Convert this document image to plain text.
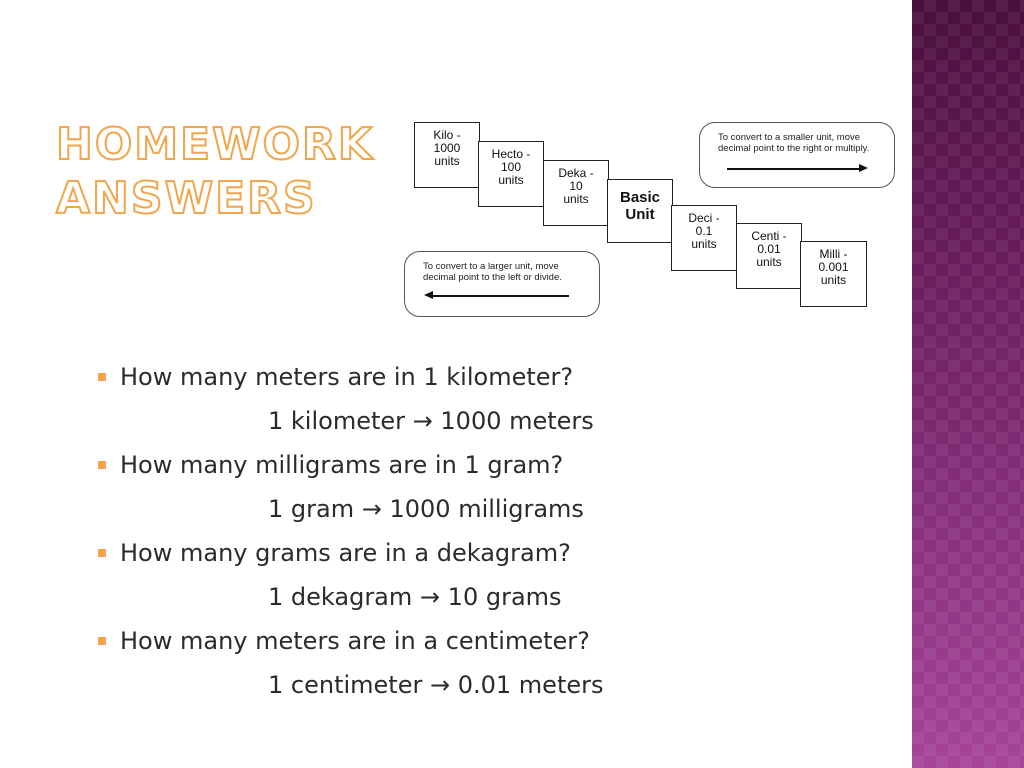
HOMEWORK
ANSWERS
Kilo -
1000
units	Hecto -
100
units	Deka -
10
units	Basic
Unit	Deci -
0.1
units
Centi -
0.01
units
Milli -
0.001
units
To convert to a smaller unit, move decimal point to the right or multiply.
To convert to a larger unit, move decimal point to the left or divide.
How many meters are in 1 kilometer?
1 kilometer → 1000 meters
How many milligrams are in 1 gram?
1 gram → 1000 milligrams
How many grams are in a dekagram?
1 dekagram → 10 grams
How many meters are in a centimeter?
1 centimeter → 0.01 meters
